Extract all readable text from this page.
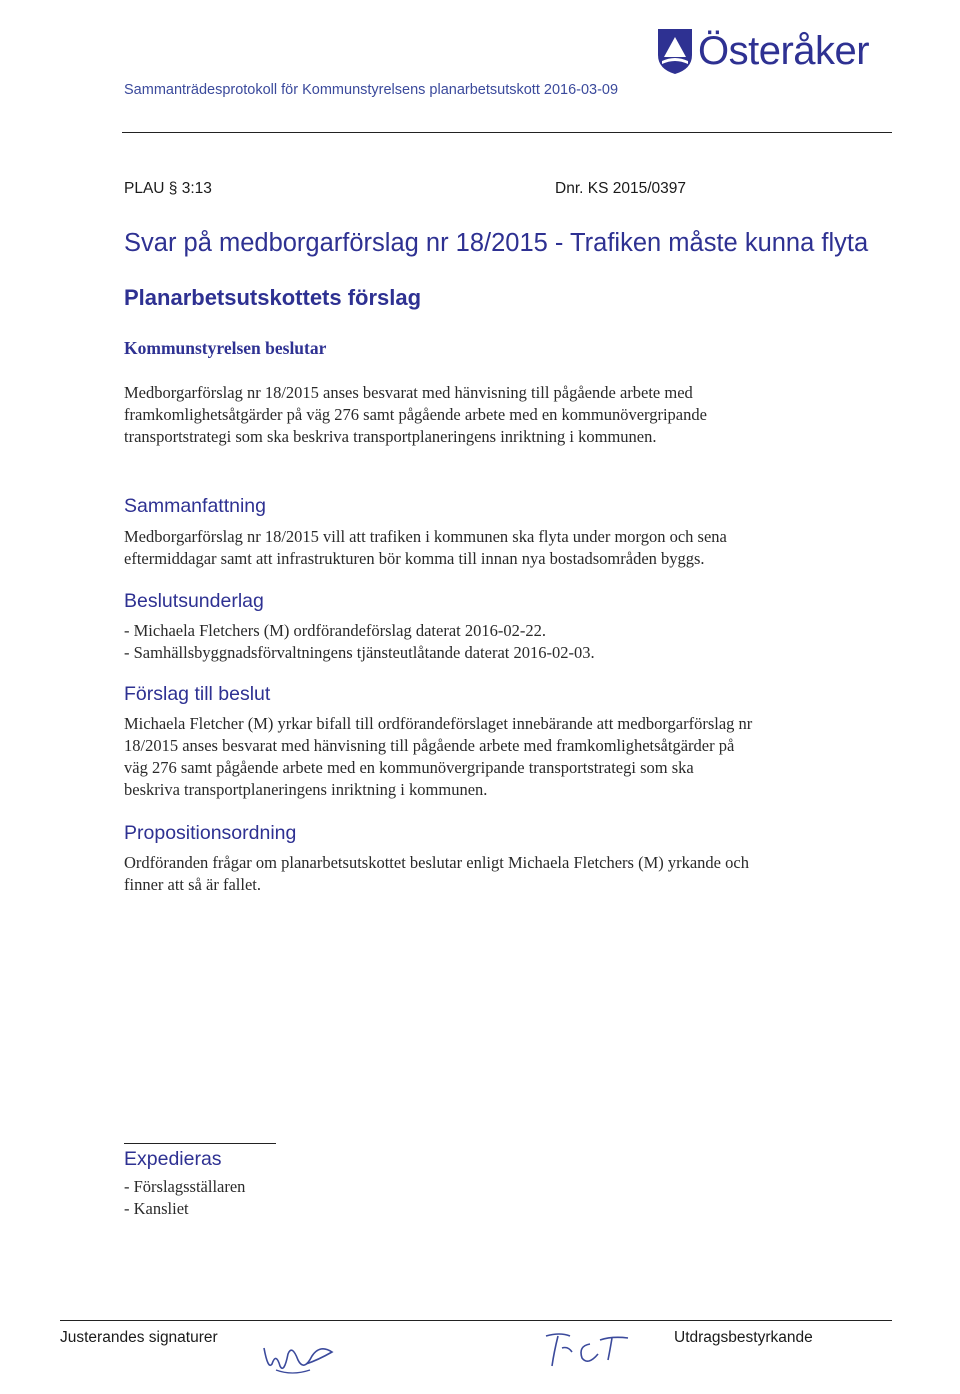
Österåker
Sammanträdesprotokoll för Kommunstyrelsens planarbetsutskott 2016-03-09
PLAU § 3:13	Dnr. KS 2015/0397
Svar på medborgarförslag nr 18/2015 - Trafiken måste kunna flyta
Planarbetsutskottets förslag
Kommunstyrelsen beslutar
Medborgarförslag nr 18/2015 anses besvarat med hänvisning till pågående arbete med
framkomlighetsåtgärder på väg 276 samt pågående arbete med en kommunövergripande
transportstrategi som ska beskriva transportplaneringens inriktning i kommunen.
Sammanfattning
Medborgarförslag nr 18/2015 vill att trafiken i kommunen ska flyta under morgon och sena
eftermiddagar samt att infrastrukturen bör komma till innan nya bostadsområden byggs.
Beslutsunderlag
- Michaela Fletchers (M) ordförandeförslag daterat 2016-02-22.
- Samhällsbyggnadsförvaltningens tjänsteutlåtande daterat 2016-02-03.
Förslag till beslut
Michaela Fletcher (M) yrkar bifall till ordförandeförslaget innebärande att medborgarförslag nr
18/2015 anses besvarat med hänvisning till pågående arbete med framkomlighetsåtgärder på
väg 276 samt pågående arbete med en kommunövergripande transportstrategi som ska
beskriva transportplaneringens inriktning i kommunen.
Propositionsordning
Ordföranden frågar om planarbetsutskottet beslutar enligt Michaela Fletchers (M) yrkande och
finner att så är fallet.
Expedieras
- Förslagsställaren
- Kansliet
Justerandes signaturer	Utdragsbestyrkande
